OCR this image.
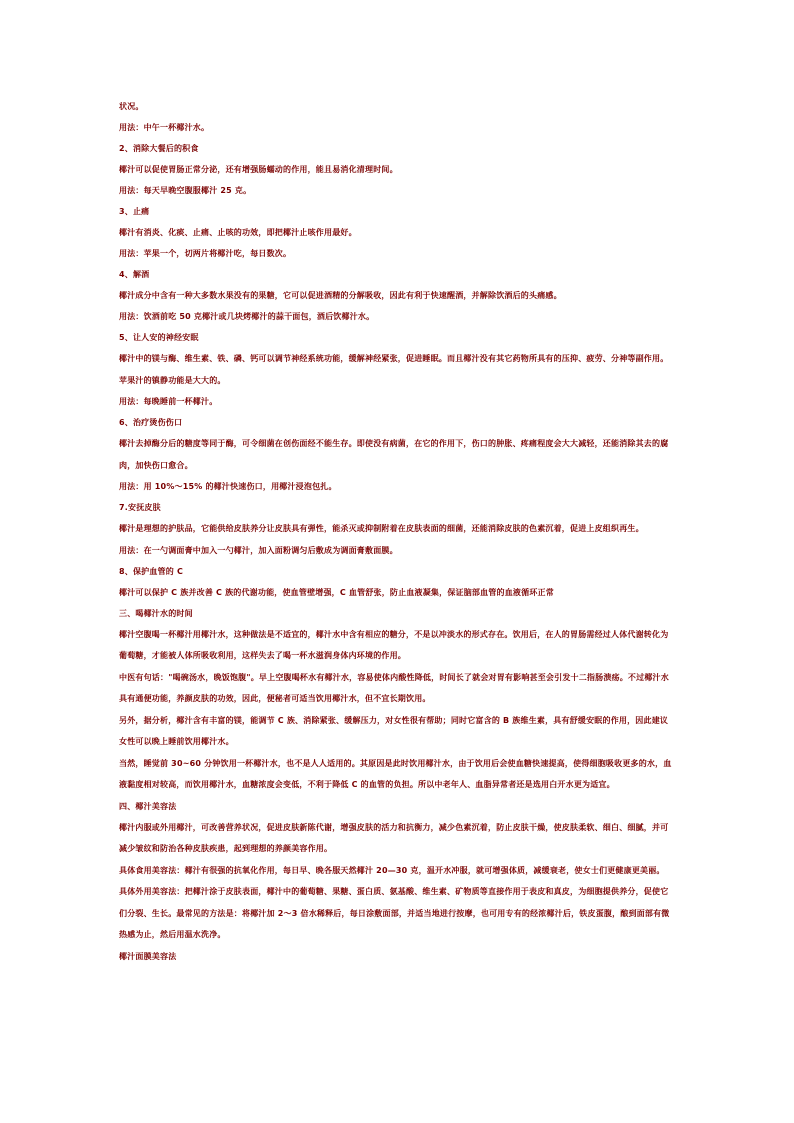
状况。

用法：中午一杯椰汁水。

2、消除大餐后的积食

椰汁可以促使胃肠正常分泌，还有增强肠蠕动的作用，能且易消化清理时间。

用法：每天早晚空腹服椰汁 25 克。

3、止痛

椰汁有消炎、化痰、止痛、止咳的功效，即把椰汁止咳作用最好。

用法：苹果一个，切两片将椰汁吃，每日数次。

4、解酒

椰汁成分中含有一种大多数水果没有的果糖，它可以促进酒精的分解吸收，因此有利于快速醒酒，并解除饮酒后的头痛感。

用法：饮酒前吃 50 克椰汁或几块烤椰汁的蒜干面包，酒后饮椰汁水。

5、让人安的神经安眠

椰汁中的镁与酶、维生素、铁、磷、钙可以调节神经系统功能，缓解神经紧张，促进睡眠。而且椰汁没有其它药物所具有的压抑、疲劳、分神等副作用。苹果汁的镇静功能是大大的。

用法：每晚睡前一杯椰汁。

6、治疗烫伤伤口

椰汁去掉酶分后的糖度等同于酶，可令细菌在创伤面经不能生存。即使没有病菌，在它的作用下，伤口的肿胀、疼痛程度会大大减轻，还能消除其去的腐肉，加快伤口愈合。

用法：用 10%～15% 的椰汁快速伤口，用椰汁浸泡包扎。

7.安抚皮肤

椰汁是理想的护肤品，它能供给皮肤养分让皮肤具有弹性，能杀灭或抑制附着在皮肤表面的细菌，还能消除皮肤的色素沉着，促进上皮组织再生。

用法：在一勺调面膏中加入一勺椰汁，加入面粉调匀后敷成为调面膏敷面膜。

8、保护血管的 C

椰汁可以保护 C 族并改善 C 族的代谢功能，使血管壁增强，C 血管舒张，防止血液凝集，保证脑部血管的血液循环正常

三、喝椰汁水的时间

椰汁空腹喝一杯椰汁用椰汁水，这种做法是不适宜的，椰汁水中含有相应的糖分，不是以冲淡水的形式存在。饮用后，在人的胃肠需经过人体代谢转化为葡萄糖，才能被人体所吸收利用，这样失去了喝一杯水滋润身体内环境的作用。

中医有句话："喝碗汤水，晚饭饱腹"。早上空腹喝杯水有椰汁水，容易使体内酸性降低，时间长了就会对胃有影响甚至会引发十二指肠溃疡。不过椰汁水具有通便功能，养颜皮肤的功效，因此，便秘者可适当饮用椰汁水，但不宜长期饮用。

另外，据分析，椰汁含有丰富的镁，能调节 C 族、消除紧张、缓解压力，对女性很有帮助；同时它富含的 B 族维生素，具有舒缓安眠的作用，因此建议女性可以晚上睡前饮用椰汁水。

当然，睡觉前 30~60 分钟饮用一杯椰汁水，也不是人人适用的。其原因是此时饮用椰汁水，由于饮用后会使血糖快速提高，使得细胞吸收更多的水，血液黏度相对较高，而饮用椰汁水，血糖浓度会变低，不利于降低 C 的血管的负担。所以中老年人、血脂异常者还是选用白开水更为适宜。

四、椰汁美容法

椰汁内服或外用椰汁，可改善营养状况，促进皮肤新陈代谢，增强皮肤的活力和抗衡力，减少色素沉着，防止皮肤干燥，使皮肤柔软、细白、细腻，并可减少皱纹和防治各种皮肤疾患，起到理想的养颜美容作用。

具体食用美容法：椰汁有很强的抗氧化作用，每日早、晚各服天然椰汁 20—30 克，温开水冲服，就可增强体质，减缓衰老，使女士们更健康更美丽。

具体外用美容法：把椰汁涂于皮肤表面，椰汁中的葡萄糖、果糖、蛋白质、氨基酸、维生素、矿物质等直接作用于表皮和真皮，为细胞提供养分，促使它们分裂、生长。最常见的方法是：将椰汁加 2～3 倍水稀释后，每日涂敷面部，并适当地进行按摩，也可用专有的经浓椰汁后，铁皮蛋腹，酿到面部有微热感为止，然后用温水洗净。

椰汁面膜美容法
